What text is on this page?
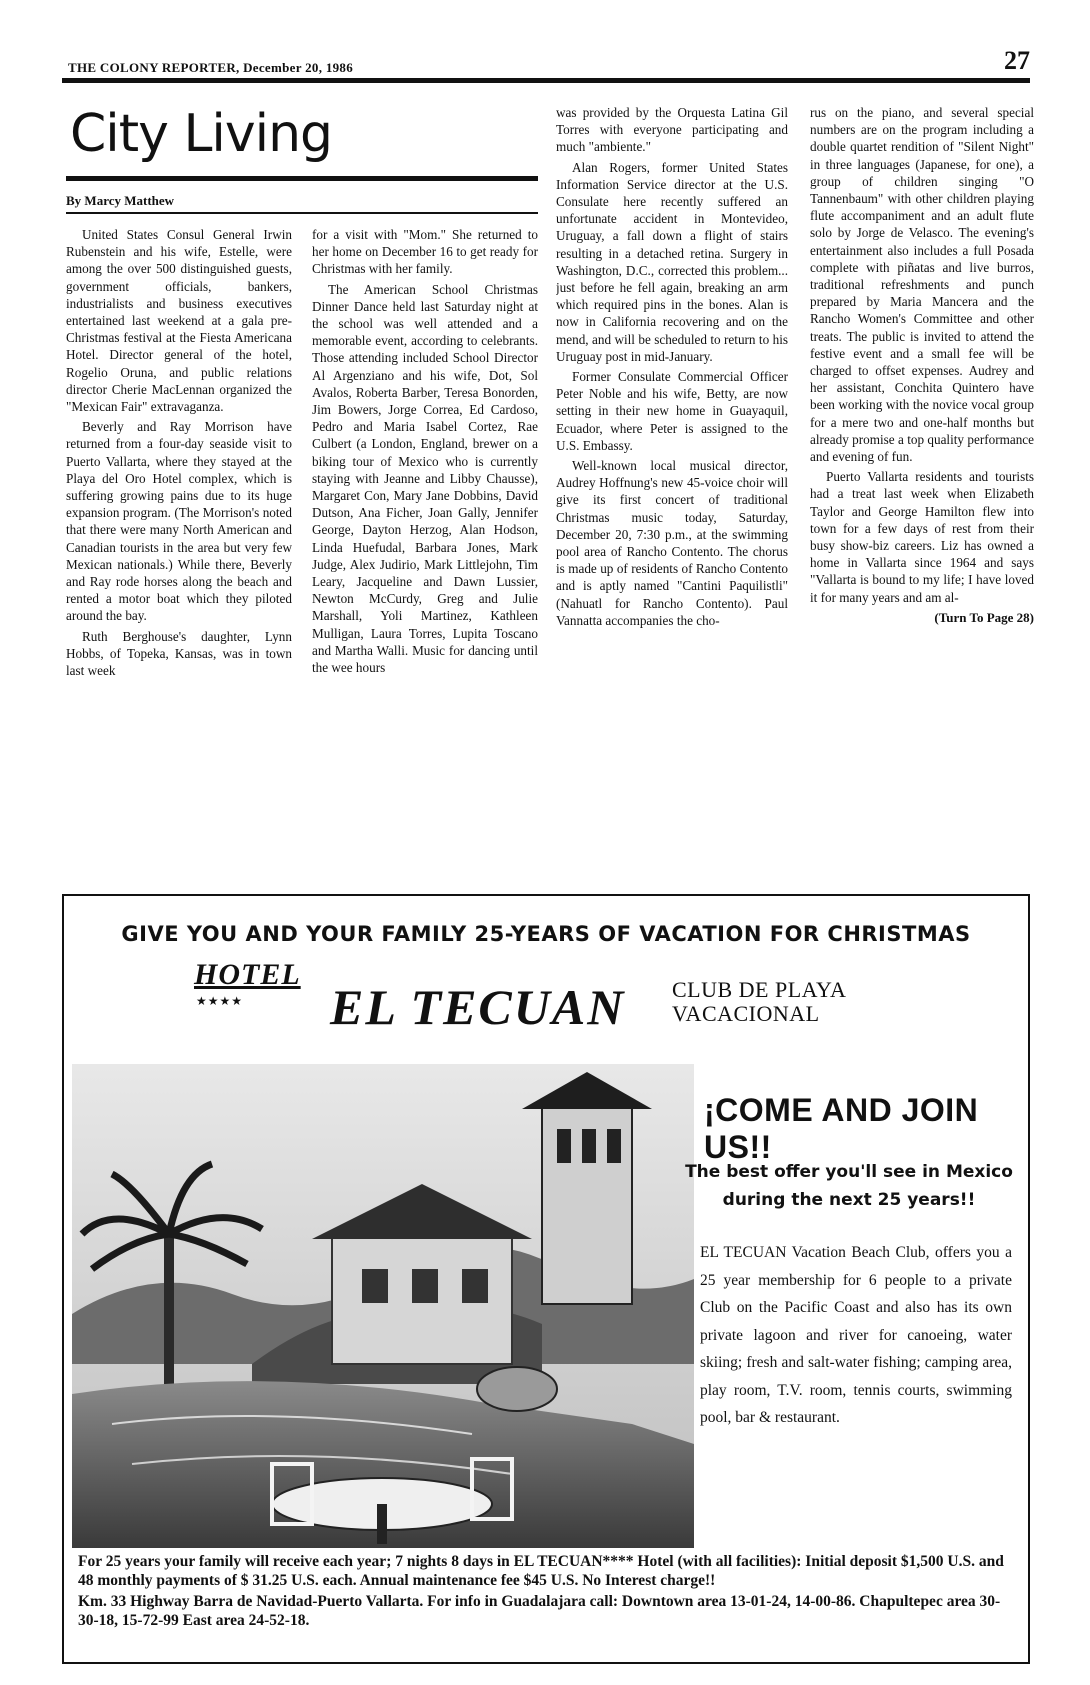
THE COLONY REPORTER, December 20, 1986	27
City Living
By Marcy Matthew

United States Consul General Irwin Rubenstein and his wife, Estelle, were among the over 500 distinguished guests, government officials, bankers, industrialists and business executives entertained last weekend at a gala pre-Christmas festival at the Fiesta Americana Hotel. Director general of the hotel, Rogelio Oruna, and public relations director Cherie MacLennan organized the "Mexican Fair" extravaganza.

Beverly and Ray Morrison have returned from a four-day seaside visit to Puerto Vallarta, where they stayed at the Playa del Oro Hotel complex, which is suffering growing pains due to its huge expansion program. (The Morrison's noted that there were many North American and Canadian tourists in the area but very few Mexican nationals.) While there, Beverly and Ray rode horses along the beach and rented a motor boat which they piloted around the bay.

Ruth Berghouse's daughter, Lynn Hobbs, of Topeka, Kansas, was in town last week

for a visit with "Mom." She returned to her home on December 16 to get ready for Christmas with her family.

The American School Christmas Dinner Dance held last Saturday night at the school was well attended and a memorable event, according to celebrants. Those attending included School Director Al Argenziano and his wife, Dot, Sol Avalos, Roberta Barber, Teresa Bonorden, Jim Bowers, Jorge Correa, Ed Cardoso, Pedro and Maria Isabel Cortez, Rae Culbert (a London, England, brewer on a biking tour of Mexico who is currently staying with Jeanne and Libby Chausse), Margaret Con, Mary Jane Dobbins, David Dutson, Ana Ficher, Joan Gally, Jennifer George, Dayton Herzog, Alan Hodson, Linda Huefudal, Barbara Jones, Mark Judge, Alex Judirio, Mark Littlejohn, Tim Leary, Jacqueline and Dawn Lussier, Newton McCurdy, Greg and Julie Marshall, Yoli Martinez, Kathleen Mulligan, Laura Torres, Lupita Toscano and Martha Walli. Music for dancing until the wee hours

was provided by the Orquesta Latina Gil Torres with everyone participating and much "ambiente."

Alan Rogers, former United States Information Service director at the U.S. Consulate here recently suffered an unfortunate accident in Montevideo, Uruguay, a fall down a flight of stairs resulting in a detached retina. Surgery in Washington, D.C., corrected this problem... just before he fell again, breaking an arm which required pins in the bones. Alan is now in California recovering and on the mend, and will be scheduled to return to his Uruguay post in mid-January.

Former Consulate Commercial Officer Peter Noble and his wife, Betty, are now setting in their new home in Guayaquil, Ecuador, where Peter is assigned to the U.S. Embassy.

Well-known local musical director, Audrey Hoffnung's new 45-voice choir will give its first concert of traditional Christmas music today, Saturday, December 20, 7:30 p.m., at the swimming pool area of Rancho Contento. The chorus is made up of residents of Rancho Contento and is aptly named "Cantini Paquilistli" (Nahuatl for Rancho Contento). Paul Vannatta accompanies the cho-

rus on the piano, and several special numbers are on the program including a double quartet rendition of "Silent Night" in three languages (Japanese, for one), a group of children singing "O Tannenbaum" with other children playing flute accompaniment and an adult flute solo by Jorge de Velasco. The evening's entertainment also includes a full Posada complete with piñatas and live burros, traditional refreshments and punch prepared by Maria Mancera and the Rancho Women's Committee and other treats. The public is invited to attend the festive event and a small fee will be charged to offset expenses. Audrey and her assistant, Conchita Quintero have been working with the novice vocal group for a mere two and one-half months but already promise a top quality performance and evening of fun.

Puerto Vallarta residents and tourists had a treat last week when Elizabeth Taylor and George Hamilton flew into town for a few days of rest from their busy show-biz careers. Liz has owned a home in Vallarta since 1964 and says "Vallarta is bound to my life; I have loved it for many years and am al-

(Turn To Page 28)
GIVE YOU AND YOUR FAMILY 25-YEARS OF VACATION FOR CHRISTMAS
HOTEL
★★★★ EL TECUAN CLUB DE PLAYA
VACACIONAL
¡COME AND JOIN US!!
The best offer you'll see in Mexico
during the next 25 years!!
EL TECUAN Vacation Beach Club, offers you a 25 year membership for 6 people to a private Club on the Pacific Coast and also has its own private lagoon and river for canoeing, water skiing; fresh and salt-water fishing; camping area, play room, T.V. room, tennis courts, swimming pool, bar & restaurant.

For 25 years your family will receive each year; 7 nights 8 days in EL TECUAN**** Hotel (with all facilities): Initial deposit $1,500 U.S. and 48 monthly payments of $ 31.25 U.S. each. Annual maintenance fee $45 U.S. No Interest charge!!

Km. 33 Highway Barra de Navidad-Puerto Vallarta. For info in Guadalajara call: Downtown area 13-01-24, 14-00-86. Chapultepec area 30-30-18, 15-72-99 East area 24-52-18.
